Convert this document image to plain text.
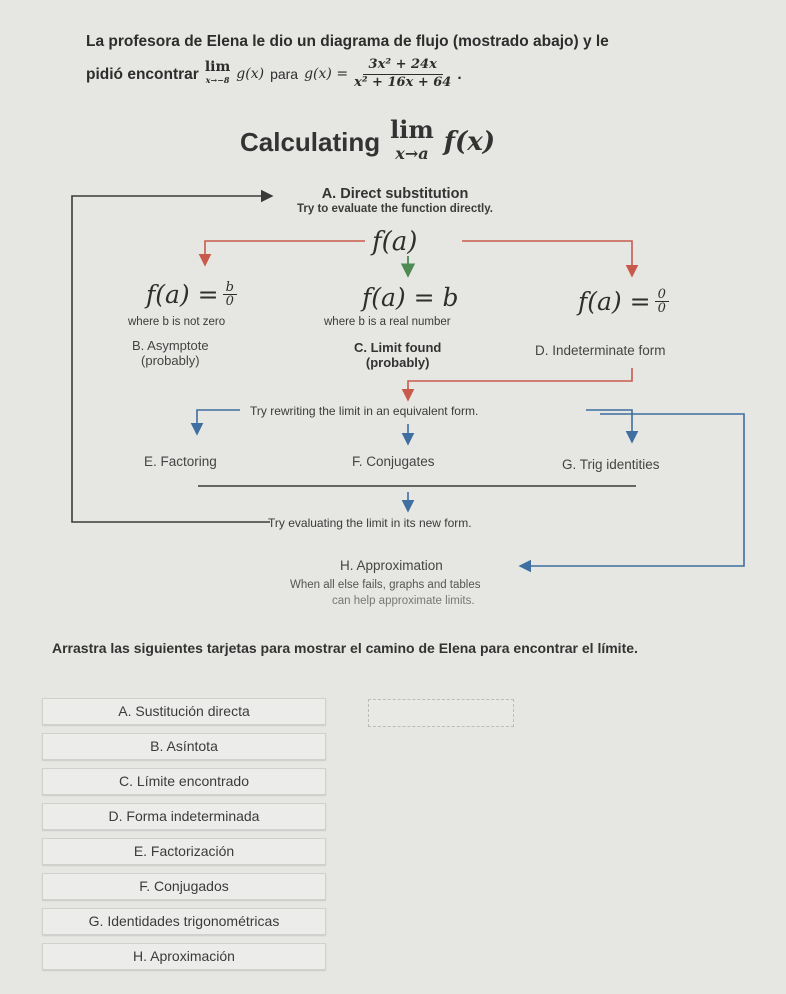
La profesora de Elena le dio un diagrama de flujo (mostrado abajo) y le
pidió encontrar lim
x→−8 g(x) para $g(x) = \frac{\text{3x² + 24x}}{\text{x² + 16x + 64}}$ .
Calculating lim
x→a f(x)
A. Direct substitution
Try to evaluate the function directly.
f(a)
$f(a) = \frac{b}{0}$
where b is not zero
f(a) = b
where b is a real number
$f(a) = \frac{0}{0}$
B. Asymptote
(probably)
C. Limit found
(probably)
D. Indeterminate form
Try rewriting the limit in an equivalent form.
E. Factoring	F. Conjugates	G. Trig identities
Try evaluating the limit in its new form.
H. Approximation
When all else fails, graphs and tables
can help approximate limits.
Arrastra las siguientes tarjetas para mostrar el camino de Elena para encontrar el límite.
A. Sustitución directa
B. Asíntota
C. Límite encontrado
D. Forma indeterminada
E. Factorización
F. Conjugados
G. Identidades trigonométricas
H. Aproximación
